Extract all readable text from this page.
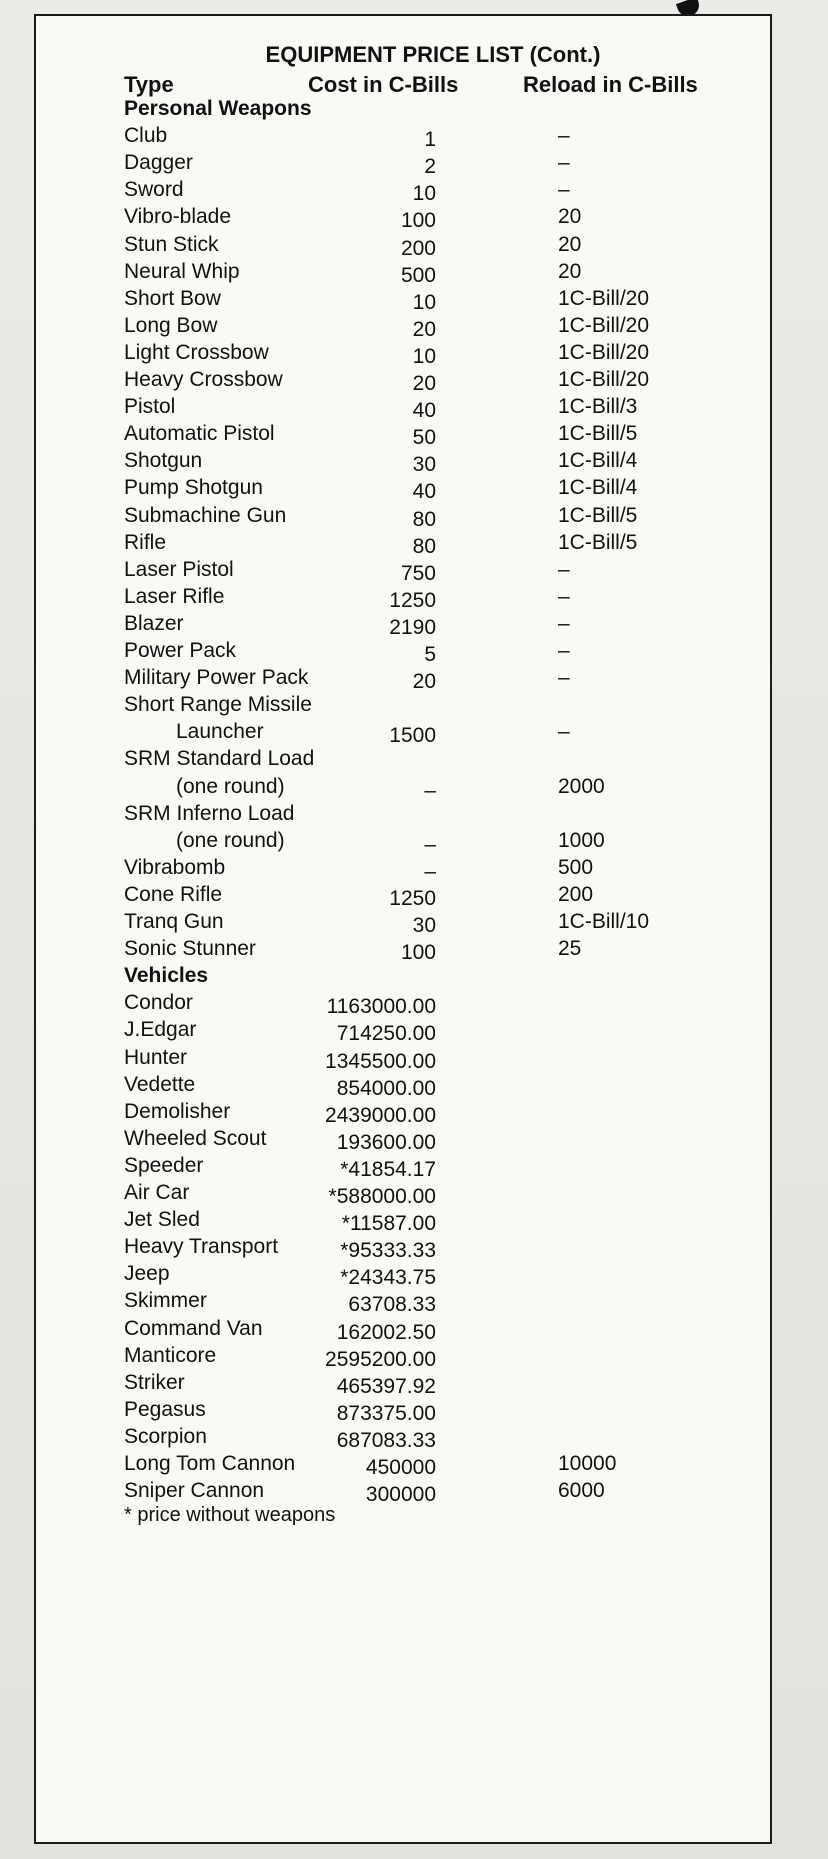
EQUIPMENT PRICE LIST (Cont.)
Type	Cost in C-Bills	Reload in C-Bills
Personal Weapons
Club	1	–
Dagger	2	–
Sword	10	–
Vibro-blade	100	20
Stun Stick	200	20
Neural Whip	500	20
Short Bow	10	1C-Bill/20
Long Bow	20	1C-Bill/20
Light Crossbow	10	1C-Bill/20
Heavy Crossbow	20	1C-Bill/20
Pistol	40	1C-Bill/3
Automatic Pistol	50	1C-Bill/5
Shotgun	30	1C-Bill/4
Pump Shotgun	40	1C-Bill/4
Submachine Gun	80	1C-Bill/5
Rifle	80	1C-Bill/5
Laser Pistol	750	–
Laser Rifle	1250	–
Blazer	2190	–
Power Pack	5	–
Military Power Pack	20	–
Short Range Missile
Launcher	1500	–
SRM Standard Load
(one round)	–	2000
SRM Inferno Load
(one round)	–	1000
Vibrabomb	–	500
Cone Rifle	1250	200
Tranq Gun	30	1C-Bill/10
Sonic Stunner	100	25
Vehicles
Condor	1163000.00
J.Edgar	714250.00
Hunter	1345500.00
Vedette	854000.00
Demolisher	2439000.00
Wheeled Scout	193600.00
Speeder	*41854.17
Air Car	*588000.00
Jet Sled	*11587.00
Heavy Transport	*95333.33
Jeep	*24343.75
Skimmer	63708.33
Command Van	162002.50
Manticore	2595200.00
Striker	465397.92
Pegasus	873375.00
Scorpion	687083.33
Long Tom Cannon	450000	10000
Sniper Cannon	300000	6000
* price without weapons
